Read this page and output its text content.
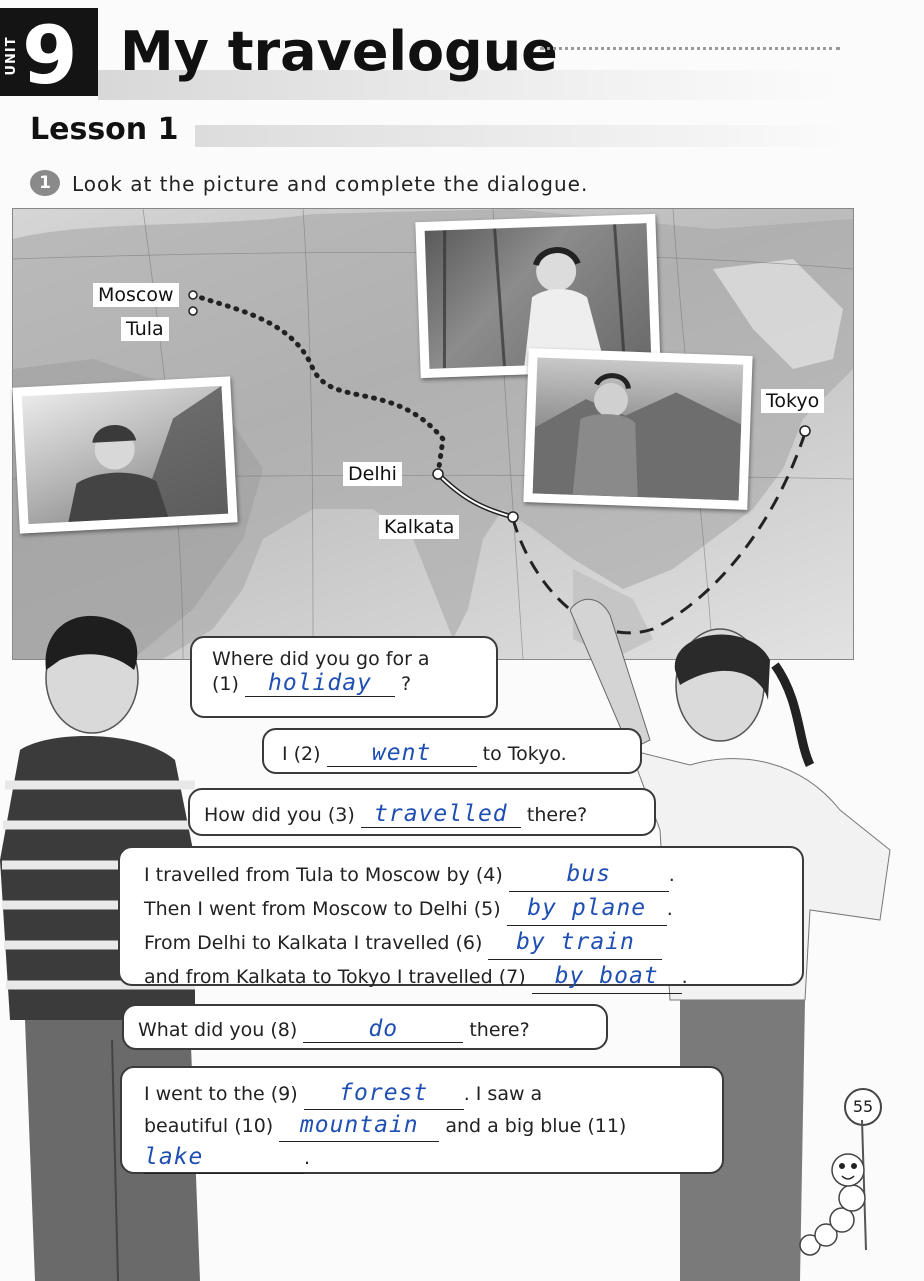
UNIT 9 My travelogue
Lesson 1
1	Look at the picture and complete the dialogue.
Moscow
Tula
Delhi
Kalkata
Tokyo
Where did you go for a
(1) holiday ?
I (2) went	to Tokyo.
How did you (3) travelled there?
I travelled from Tula to Moscow by (4)	bus	.
Then I went from Moscow to Delhi (5) by plane .
From Delhi to Kalkata I travelled (6) by train
and from Kalkata to Tokyo I travelled (7) by boat .
What did you (8)	do	there?
I went to the (9) forest . I saw a
beautiful (10) mountain and a big blue (11)
lake	.
55
